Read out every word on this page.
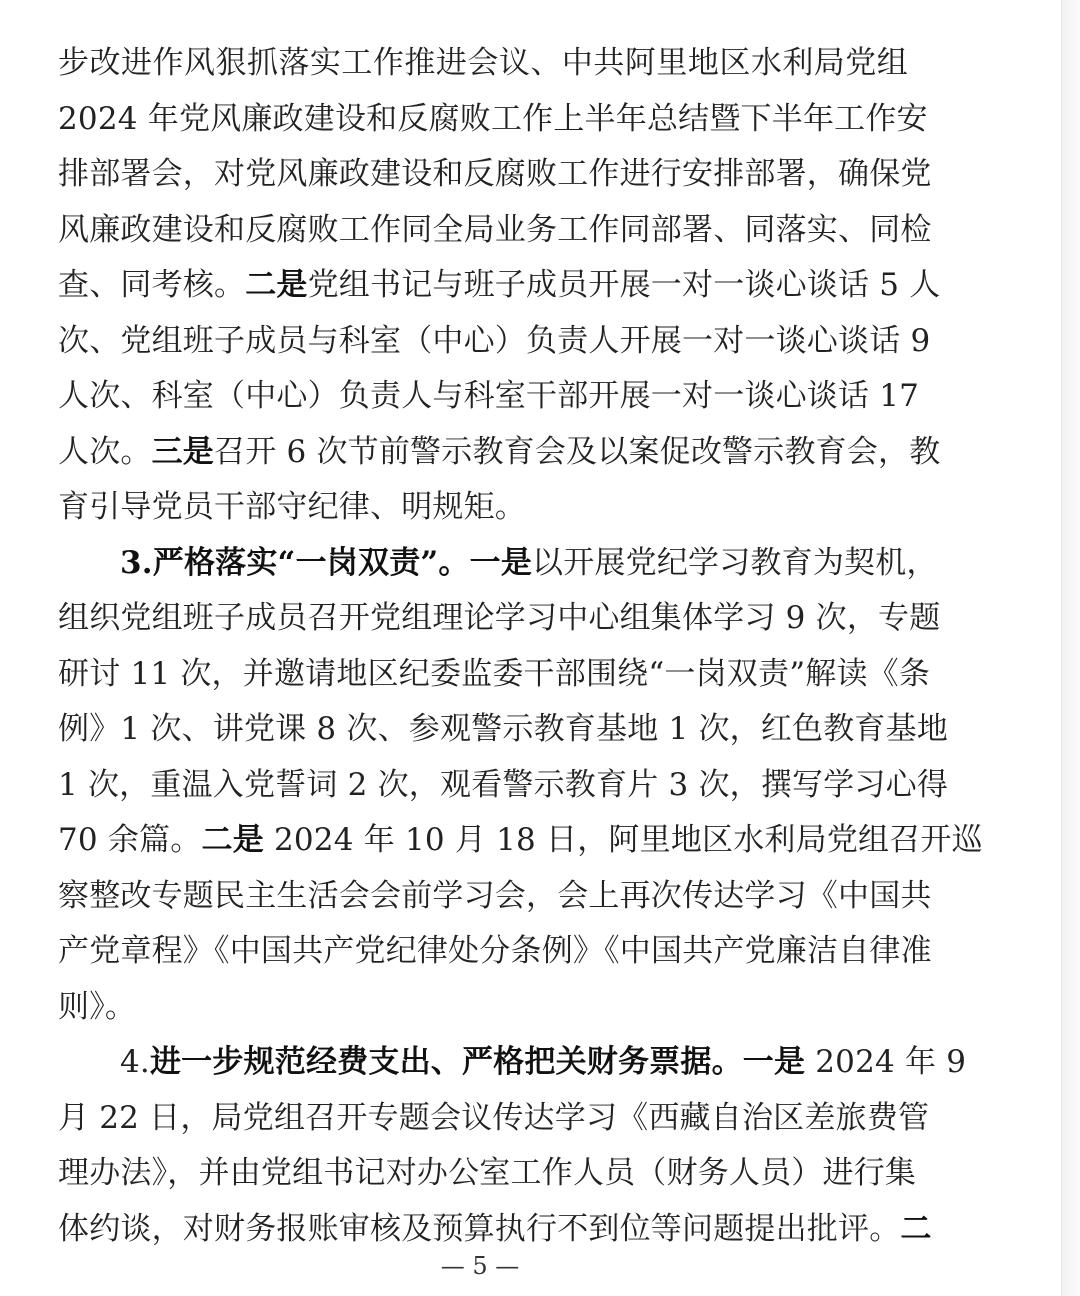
步改进作风狠抓落实工作推进会议、中共阿里地区水利局党组
2024 年党风廉政建设和反腐败工作上半年总结暨下半年工作安
排部署会，对党风廉政建设和反腐败工作进行安排部署，确保党
风廉政建设和反腐败工作同全局业务工作同部署、同落实、同检
查、同考核。二是党组书记与班子成员开展一对一谈心谈话 5 人
次、党组班子成员与科室（中心）负责人开展一对一谈心谈话 9
人次、科室（中心）负责人与科室干部开展一对一谈心谈话 17
人次。三是召开 6 次节前警示教育会及以案促改警示教育会，教
育引导党员干部守纪律、明规矩。
3.严格落实“一岗双责”。一是以开展党纪学习教育为契机，
组织党组班子成员召开党组理论学习中心组集体学习 9 次，专题
研讨 11 次，并邀请地区纪委监委干部围绕“一岗双责”解读《条
例》1 次、讲党课 8 次、参观警示教育基地 1 次，红色教育基地
1 次，重温入党誓词 2 次，观看警示教育片 3 次，撰写学习心得
70 余篇。二是 2024 年 10 月 18 日，阿里地区水利局党组召开巡
察整改专题民主生活会会前学习会，会上再次传达学习《中国共
产党章程》《中国共产党纪律处分条例》《中国共产党廉洁自律准
则》。
4.进一步规范经费支出、严格把关财务票据。一是 2024 年 9
月 22 日，局党组召开专题会议传达学习《西藏自治区差旅费管
理办法》，并由党组书记对办公室工作人员（财务人员）进行集
体约谈，对财务报账审核及预算执行不到位等问题提出批评。二
— 5 —
